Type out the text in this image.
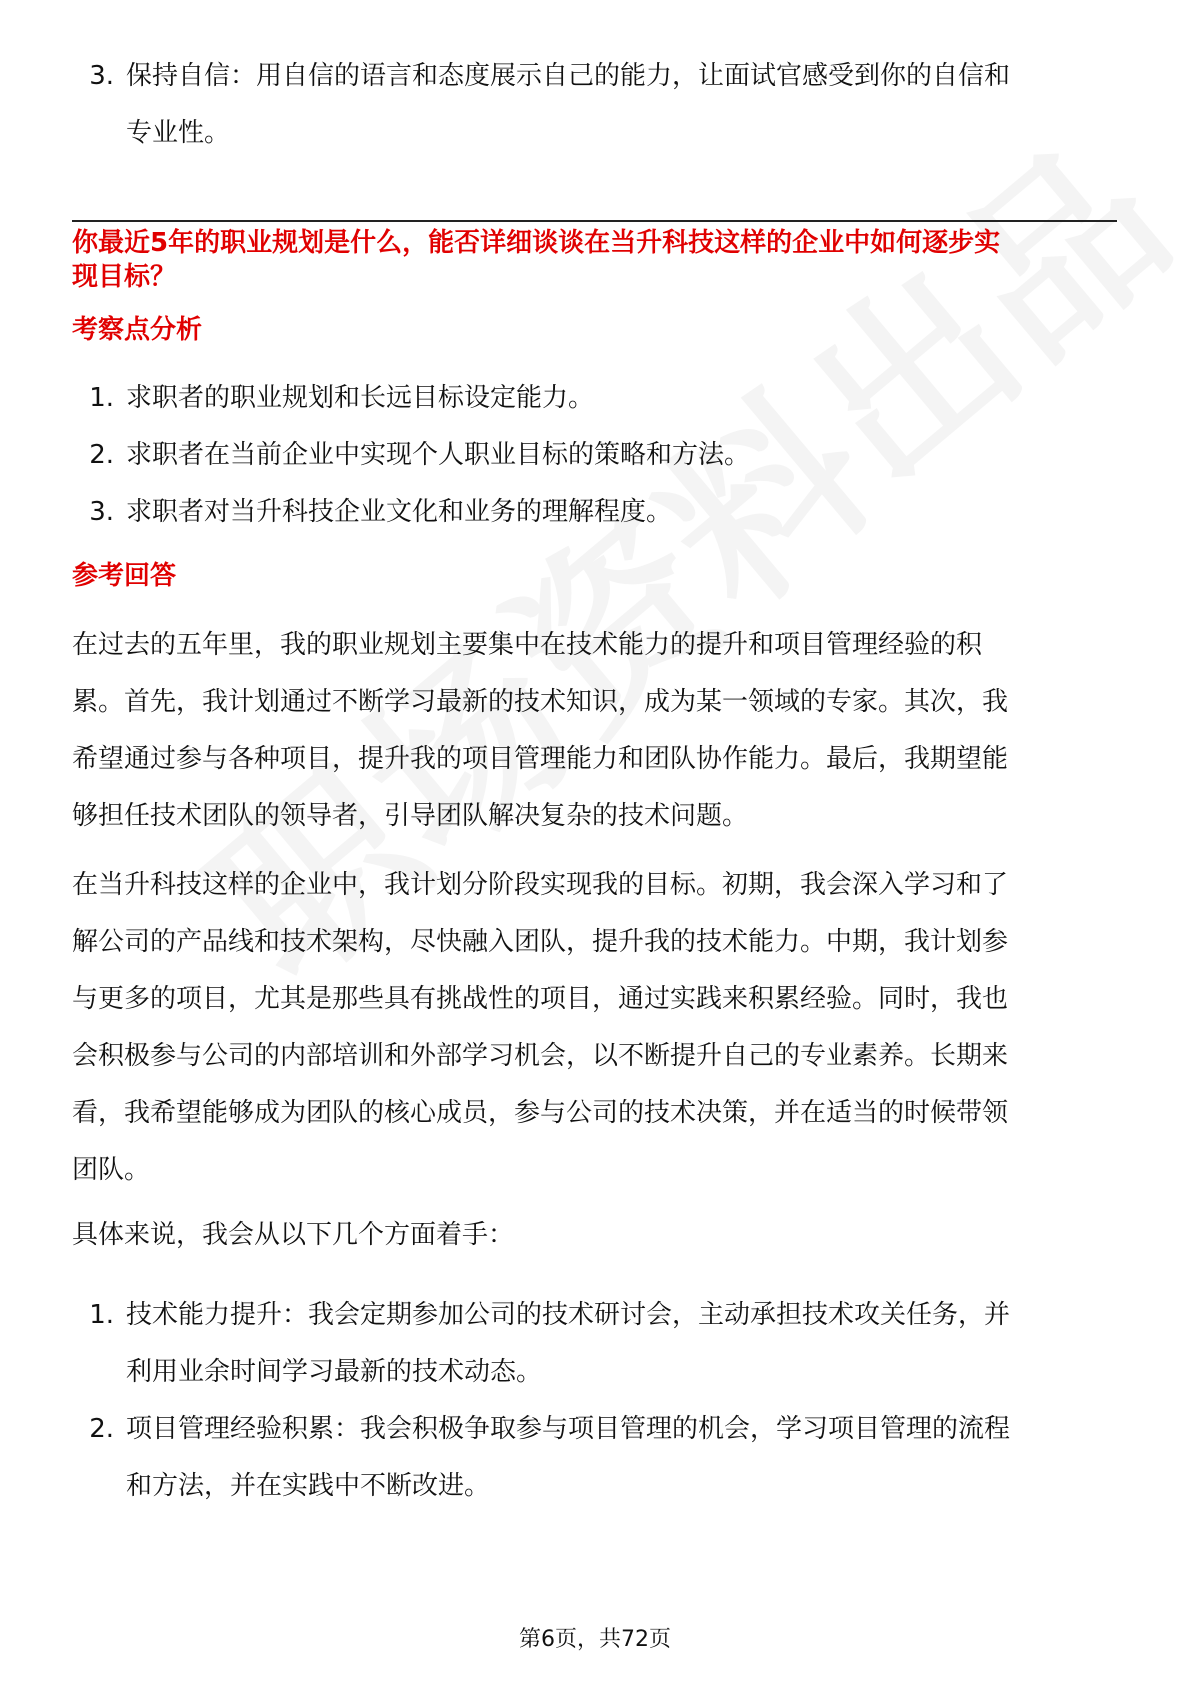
3. 保持自信：用自信的语言和态度展示自己的能力，让面试官感受到你的自信和
专业性。
你最近5年的职业规划是什么，能否详细谈谈在当升科技这样的企业中如何逐步实
现目标？
考察点分析
1. 求职者的职业规划和长远目标设定能力。
2. 求职者在当前企业中实现个人职业目标的策略和方法。
3. 求职者对当升科技企业文化和业务的理解程度。
参考回答
在过去的五年里，我的职业规划主要集中在技术能力的提升和项目管理经验的积
累。首先，我计划通过不断学习最新的技术知识，成为某一领域的专家。其次，我
希望通过参与各种项目，提升我的项目管理能力和团队协作能力。最后，我期望能
够担任技术团队的领导者，引导团队解决复杂的技术问题。
在当升科技这样的企业中，我计划分阶段实现我的目标。初期，我会深入学习和了
解公司的产品线和技术架构，尽快融入团队，提升我的技术能力。中期，我计划参
与更多的项目，尤其是那些具有挑战性的项目，通过实践来积累经验。同时，我也
会积极参与公司的内部培训和外部学习机会，以不断提升自己的专业素养。长期来
看，我希望能够成为团队的核心成员，参与公司的技术决策，并在适当的时候带领
团队。
具体来说，我会从以下几个方面着手：
1. 技术能力提升：我会定期参加公司的技术研讨会，主动承担技术攻关任务，并
利用业余时间学习最新的技术动态。
2. 项目管理经验积累：我会积极争取参与项目管理的机会，学习项目管理的流程
和方法，并在实践中不断改进。
第6页，共72页
